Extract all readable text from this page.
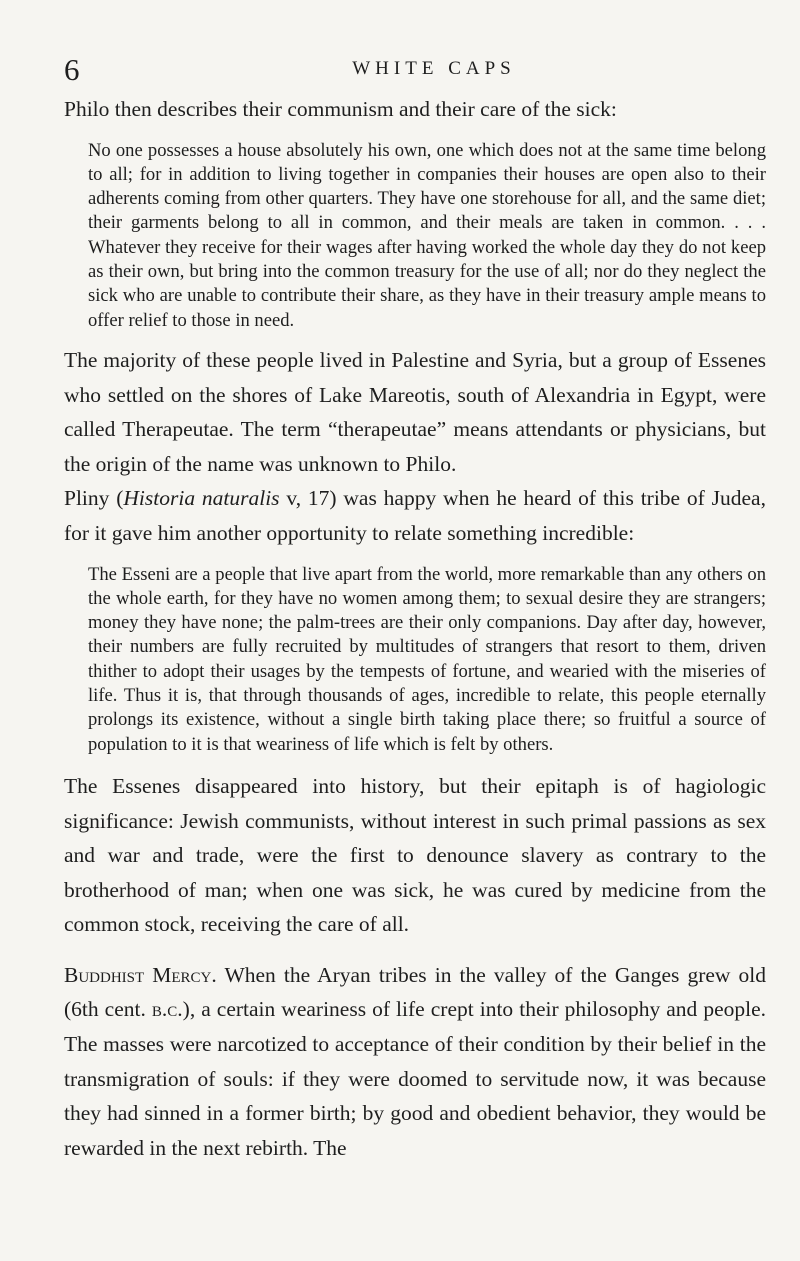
6	WHITE CAPS

Philo then describes their communism and their care of the sick:

No one possesses a house absolutely his own, one which does not at the same time belong to all; for in addition to living together in companies their houses are open also to their adherents coming from other quarters. They have one storehouse for all, and the same diet; their garments belong to all in common, and their meals are taken in common. . . . Whatever they receive for their wages after having worked the whole day they do not keep as their own, but bring into the common treasury for the use of all; nor do they neglect the sick who are unable to contribute their share, as they have in their treasury ample means to offer relief to those in need.

The majority of these people lived in Palestine and Syria, but a group of Essenes who settled on the shores of Lake Mareotis, south of Alexandria in Egypt, were called Therapeutae. The term “therapeutae” means attendants or physicians, but the origin of the name was unknown to Philo.

Pliny (Historia naturalis v, 17) was happy when he heard of this tribe of Judea, for it gave him another opportunity to relate something incredible:

The Esseni are a people that live apart from the world, more remarkable than any others on the whole earth, for they have no women among them; to sexual desire they are strangers; money they have none; the palm-trees are their only companions. Day after day, however, their numbers are fully recruited by multitudes of strangers that resort to them, driven thither to adopt their usages by the tempests of fortune, and wearied with the miseries of life. Thus it is, that through thousands of ages, incredible to relate, this people eternally prolongs its existence, without a single birth taking place there; so fruitful a source of population to it is that weariness of life which is felt by others.

The Essenes disappeared into history, but their epitaph is of hagiologic significance: Jewish communists, without interest in such primal passions as sex and war and trade, were the first to denounce slavery as contrary to the brotherhood of man; when one was sick, he was cured by medicine from the common stock, receiving the care of all.

Buddhist Mercy. When the Aryan tribes in the valley of the Ganges grew old (6th cent. b.c.), a certain weariness of life crept into their philosophy and people. The masses were narcotized to acceptance of their condition by their belief in the transmigration of souls: if they were doomed to servitude now, it was because they had sinned in a former birth; by good and obedient behavior, they would be rewarded in the next rebirth. The
